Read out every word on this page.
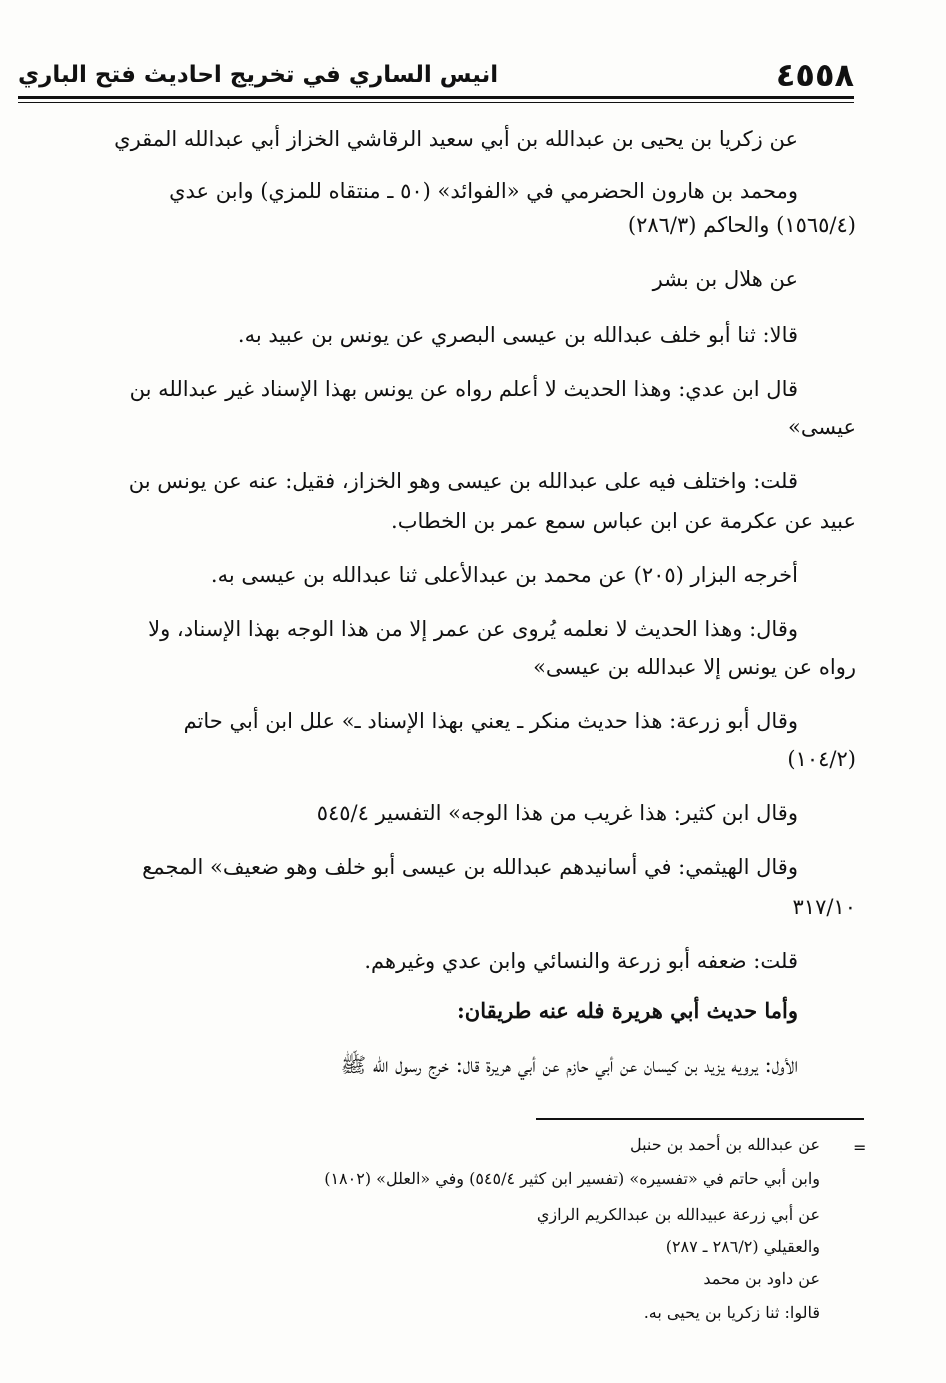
٤٥٥٨
انيس الساري في تخريج احاديث فتح الباري
عن زكريا بن يحيى بن عبدالله بن أبي سعيد الرقاشي الخزاز أبي عبدالله المقري
ومحمد بن هارون الحضرمي في «الفوائد» (٥٠ ـ منتقاه للمزي) وابن عدي
(١٥٦٥/٤) والحاكم (٢٨٦/٣)
عن هلال بن بشر
قالا: ثنا أبو خلف عبدالله بن عيسى البصري عن يونس بن عبيد به.
قال ابن عدي: وهذا الحديث لا أعلم رواه عن يونس بهذا الإسناد غير عبدالله بن
عيسى»
قلت: واختلف فيه على عبدالله بن عيسى وهو الخزاز، فقيل: عنه عن يونس بن
عبيد عن عكرمة عن ابن عباس سمع عمر بن الخطاب.
أخرجه البزار (٢٠٥) عن محمد بن عبدالأعلى ثنا عبدالله بن عيسى به.
وقال: وهذا الحديث لا نعلمه يُروى عن عمر إلا من هذا الوجه بهذا الإسناد، ولا
رواه عن يونس إلا عبدالله بن عيسى»
وقال أبو زرعة: هذا حديث منكر ـ يعني بهذا الإسناد ـ» علل ابن أبي حاتم
(١٠٤/٢)
وقال ابن كثير: هذا غريب من هذا الوجه» التفسير ٥٤٥/٤
وقال الهيثمي: في أسانيدهم عبدالله بن عيسى أبو خلف وهو ضعيف» المجمع
٣١٧/١٠
قلت: ضعفه أبو زرعة والنسائي وابن عدي وغيرهم.
وأما حديث أبي هريرة فله عنه طريقان:
الأول: يرويه يزيد بن كيسان عن أبي حازم عن أبي هريرة قال: خرج رسول الله ﷺ
=
عن عبدالله بن أحمد بن حنبل
وابن أبي حاتم في «تفسيره» (تفسير ابن كثير ٥٤٥/٤) وفي «العلل» (١٨٠٢)
عن أبي زرعة عبيدالله بن عبدالكريم الرازي
والعقيلي (٢٨٦/٢ ـ ٢٨٧)
عن داود بن محمد
قالوا: ثنا زكريا بن يحيى به.
